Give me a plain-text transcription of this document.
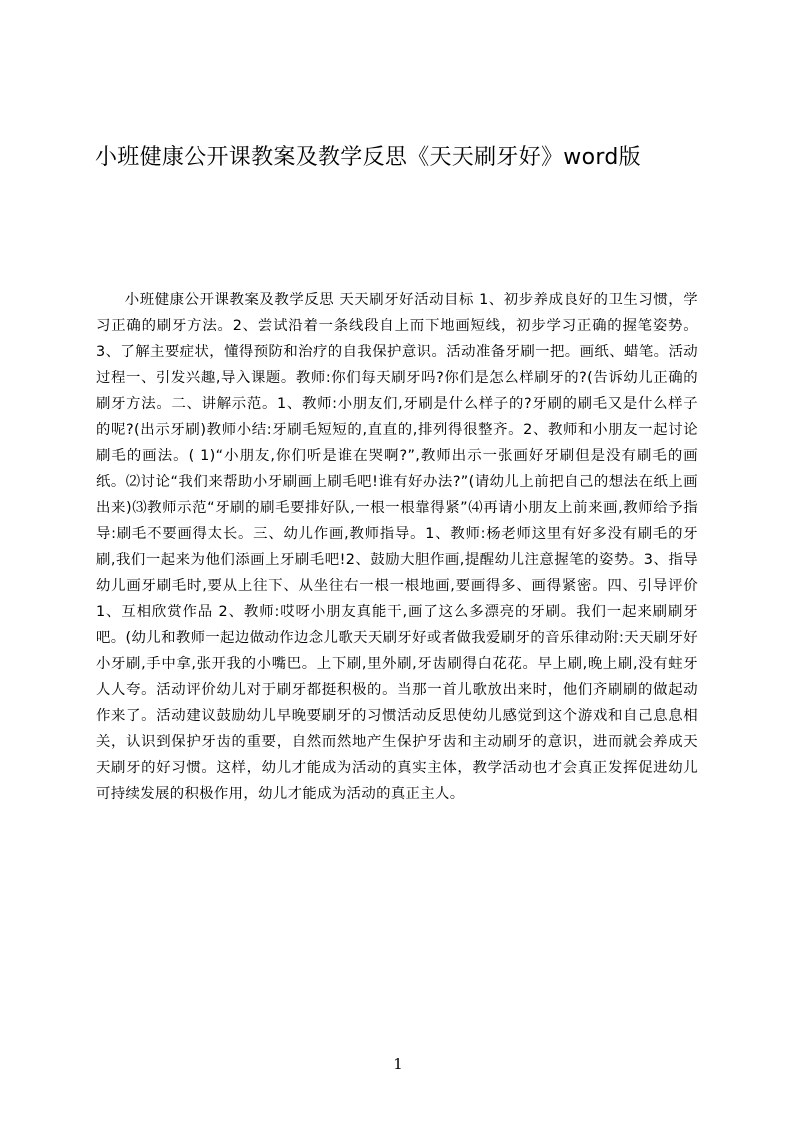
小班健康公开课教案及教学反思《天天刷牙好》word版

小班健康公开课教案及教学反思 天天刷牙好活动目标 1、初步养成良好的卫生习惯，学习正确的刷牙方法。2、尝试沿着一条线段自上而下地画短线，初步学习正确的握笔姿势。3、了解主要症状，懂得预防和治疗的自我保护意识。活动准备牙刷一把。画纸、蜡笔。活动过程一、引发兴趣,导入课题。教师:你们每天刷牙吗?你们是怎么样刷牙的?(告诉幼儿正确的刷牙方法。二、讲解示范。1、教师:小朋友们,牙刷是什么样子的?牙刷的刷毛又是什么样子的呢?(出示牙刷)教师小结:牙刷毛短短的,直直的,排列得很整齐。2、教师和小朋友一起讨论刷毛的画法。( 1)“小朋友,你们听是谁在哭啊?”,教师出示一张画好牙刷但是没有刷毛的画纸。⑵讨论“我们来帮助小牙刷画上刷毛吧!谁有好办法?”(请幼儿上前把自己的想法在纸上画出来)⑶教师示范“牙刷的刷毛要排好队,一根一根靠得紧”⑷再请小朋友上前来画,教师给予指导:刷毛不要画得太长。三、幼儿作画,教师指导。1、教师:杨老师这里有好多没有刷毛的牙刷,我们一起来为他们添画上牙刷毛吧!2、鼓励大胆作画,提醒幼儿注意握笔的姿势。3、指导幼儿画牙刷毛时,要从上往下、从坐往右一根一根地画,要画得多、画得紧密。四、引导评价 1、互相欣赏作品 2、教师:哎呀小朋友真能干,画了这么多漂亮的牙刷。我们一起来刷刷牙吧。(幼儿和教师一起边做动作边念儿歌天天刷牙好或者做我爱刷牙的音乐律动附:天天刷牙好小牙刷,手中拿,张开我的小嘴巴。上下刷,里外刷,牙齿刷得白花花。早上刷,晚上刷,没有蛀牙人人夸。活动评价幼儿对于刷牙都挺积极的。当那一首儿歌放出来时，他们齐刷刷的做起动作来了。活动建议鼓励幼儿早晚要刷牙的习惯活动反思使幼儿感觉到这个游戏和自己息息相关，认识到保护牙齿的重要，自然而然地产生保护牙齿和主动刷牙的意识，进而就会养成天天刷牙的好习惯。这样，幼儿才能成为活动的真实主体，教学活动也才会真正发挥促进幼儿可持续发展的积极作用，幼儿才能成为活动的真正主人。

1
